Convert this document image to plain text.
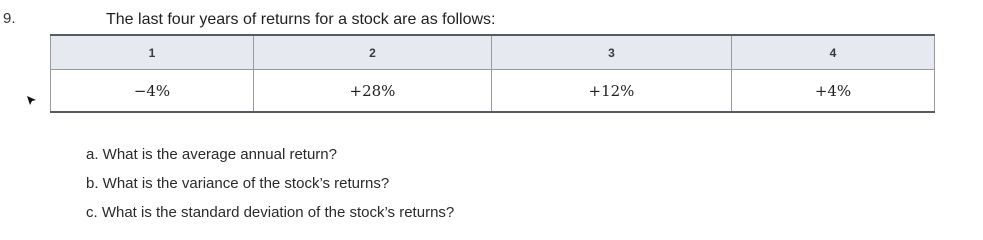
9.	The last four years of returns for a stock are as follows:
1	2	3	4
−4%	+28%	+12%	+4%
a. What is the average annual return?
b. What is the variance of the stock’s returns?
c. What is the standard deviation of the stock’s returns?
